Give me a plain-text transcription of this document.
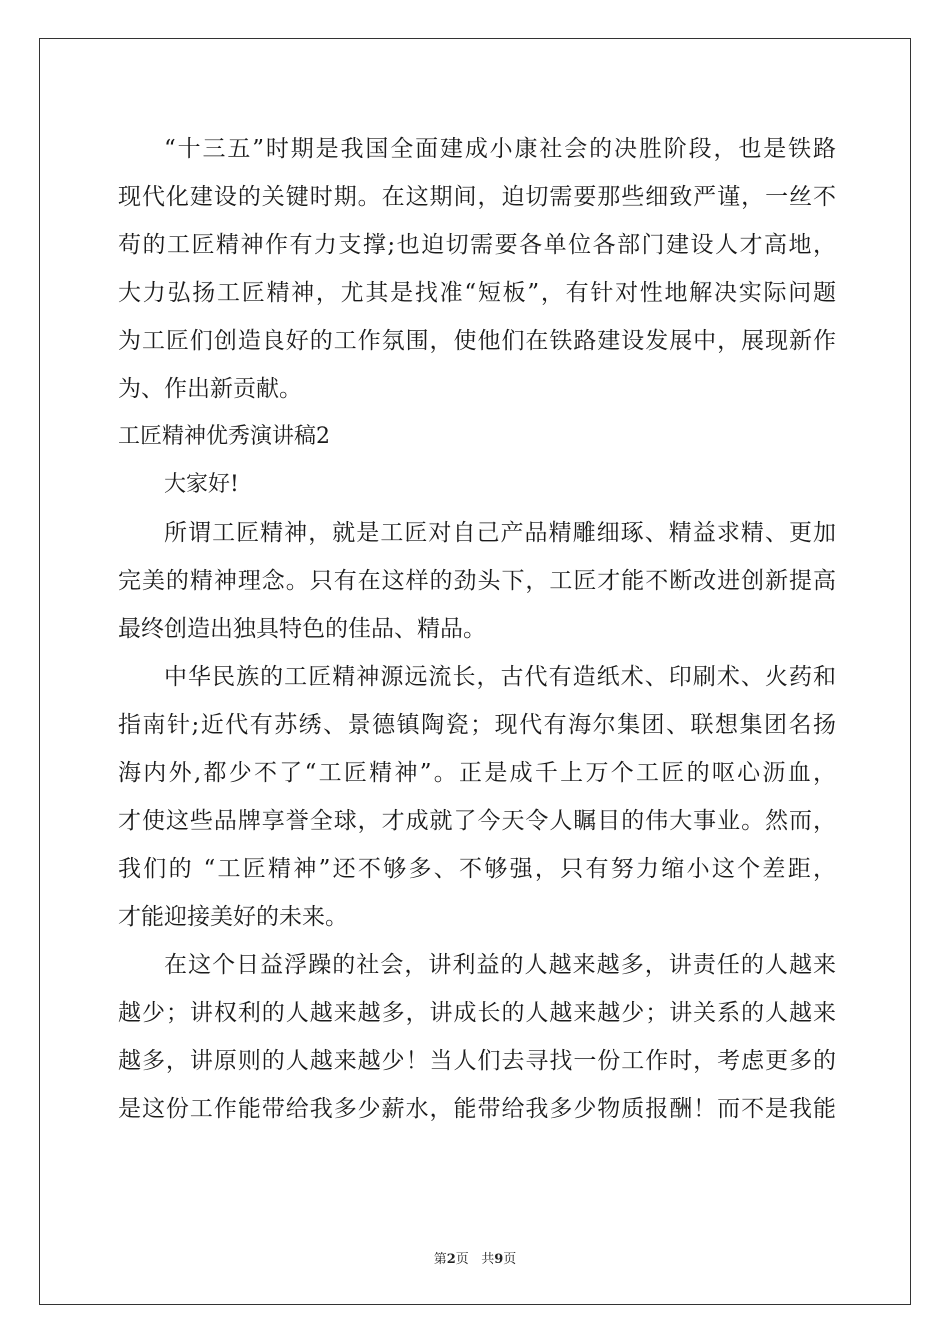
“十三五”时期是我国全面建成小康社会的决胜阶段，也是铁路
现代化建设的关键时期。在这期间，迫切需要那些细致严谨，一丝不
苟的工匠精神作有力支撑;也迫切需要各单位各部门建设人才高地，
大力弘扬工匠精神，尤其是找准“短板”，有针对性地解决实际问题
为工匠们创造良好的工作氛围，使他们在铁路建设发展中，展现新作
为、作出新贡献。
工匠精神优秀演讲稿2
大家好!
所谓工匠精神，就是工匠对自己产品精雕细琢、精益求精、更加
完美的精神理念。只有在这样的劲头下，工匠才能不断改进创新提高
最终创造出独具特色的佳品、精品。
中华民族的工匠精神源远流长，古代有造纸术、印刷术、火药和
指南针;近代有苏绣、景德镇陶瓷；现代有海尔集团、联想集团名扬
海内外,都少不了“工匠精神”。正是成千上万个工匠的呕心沥血，
才使这些品牌享誉全球，才成就了今天令人瞩目的伟大事业。然而，
我们的 “工匠精神”还不够多、不够强，只有努力缩小这个差距，
才能迎接美好的未来。
在这个日益浮躁的社会，讲利益的人越来越多，讲责任的人越来
越少；讲权利的人越来越多，讲成长的人越来越少；讲关系的人越来
越多，讲原则的人越来越少！当人们去寻找一份工作时，考虑更多的
是这份工作能带给我多少薪水，能带给我多少物质报酬！而不是我能
第2页 共9页
